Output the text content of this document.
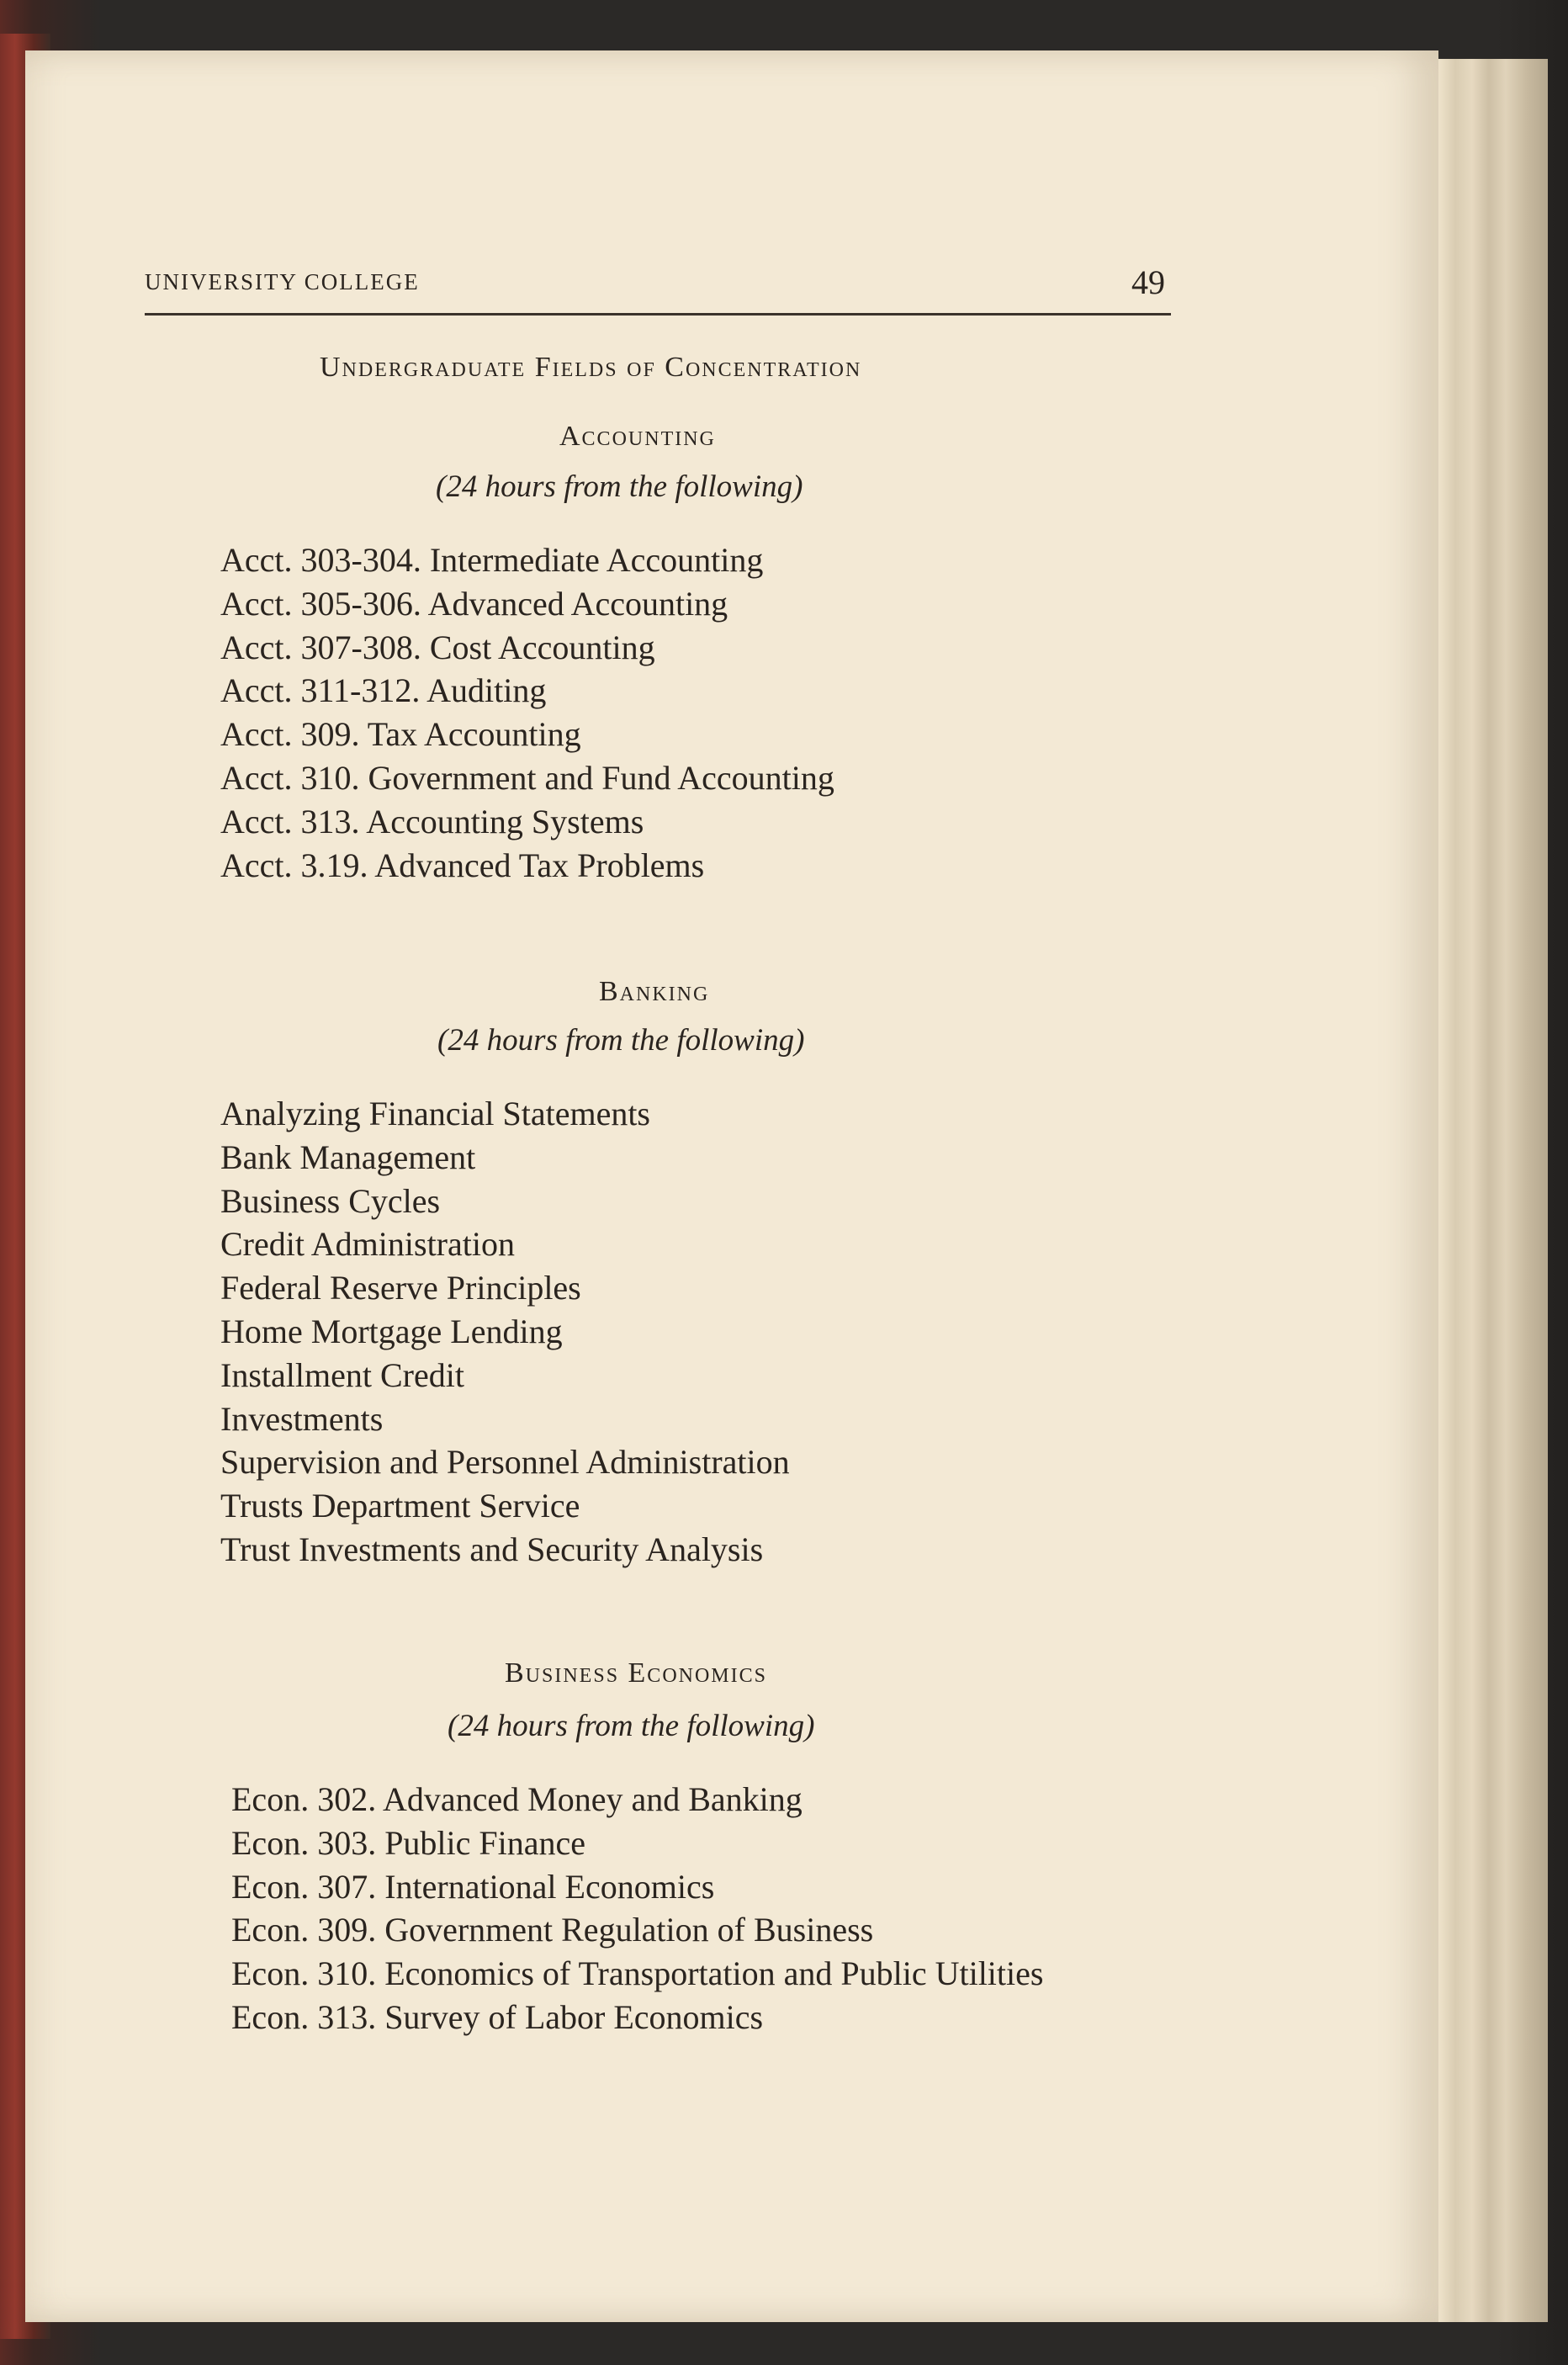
UNIVERSITY COLLEGE	49
Undergraduate Fields of Concentration
Accounting
(24 hours from the following)
Acct. 303-304. Intermediate Accounting
Acct. 305-306. Advanced Accounting
Acct. 307-308. Cost Accounting
Acct. 311-312. Auditing
Acct. 309. Tax Accounting
Acct. 310. Government and Fund Accounting
Acct. 313. Accounting Systems
Acct. 3.19. Advanced Tax Problems
Banking
(24 hours from the following)
Analyzing Financial Statements
Bank Management
Business Cycles
Credit Administration
Federal Reserve Principles
Home Mortgage Lending
Installment Credit
Investments
Supervision and Personnel Administration
Trusts Department Service
Trust Investments and Security Analysis
Business Economics
(24 hours from the following)
Econ. 302. Advanced Money and Banking
Econ. 303. Public Finance
Econ. 307. International Economics
Econ. 309. Government Regulation of Business
Econ. 310. Economics of Transportation and Public Utilities
Econ. 313. Survey of Labor Economics
